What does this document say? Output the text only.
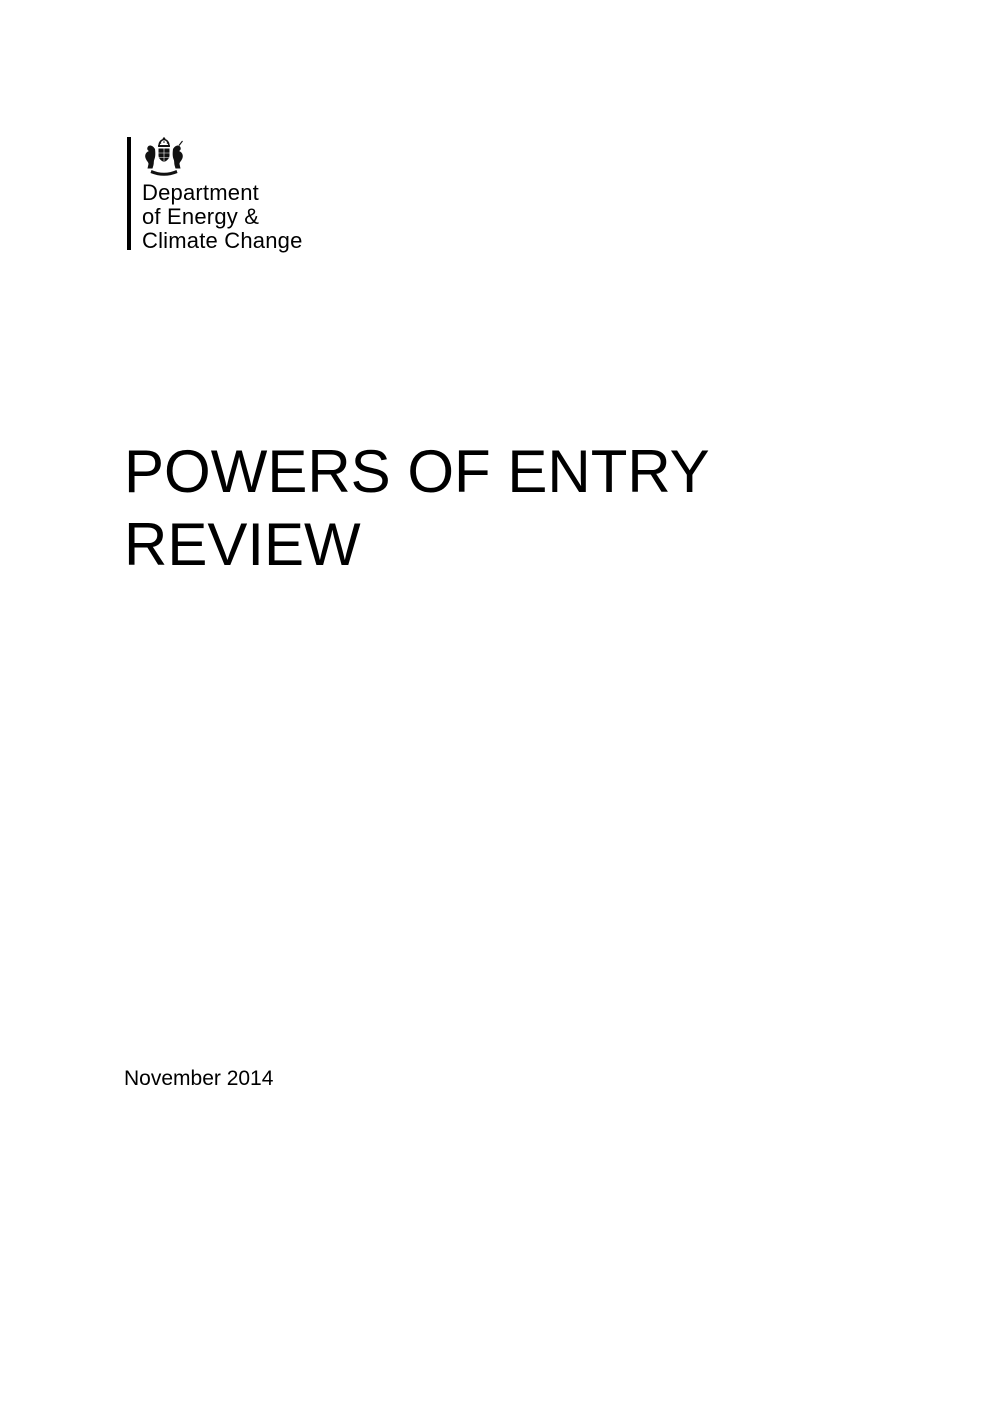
Department
of Energy &
Climate Change
POWERS OF ENTRY
REVIEW
November 2014
